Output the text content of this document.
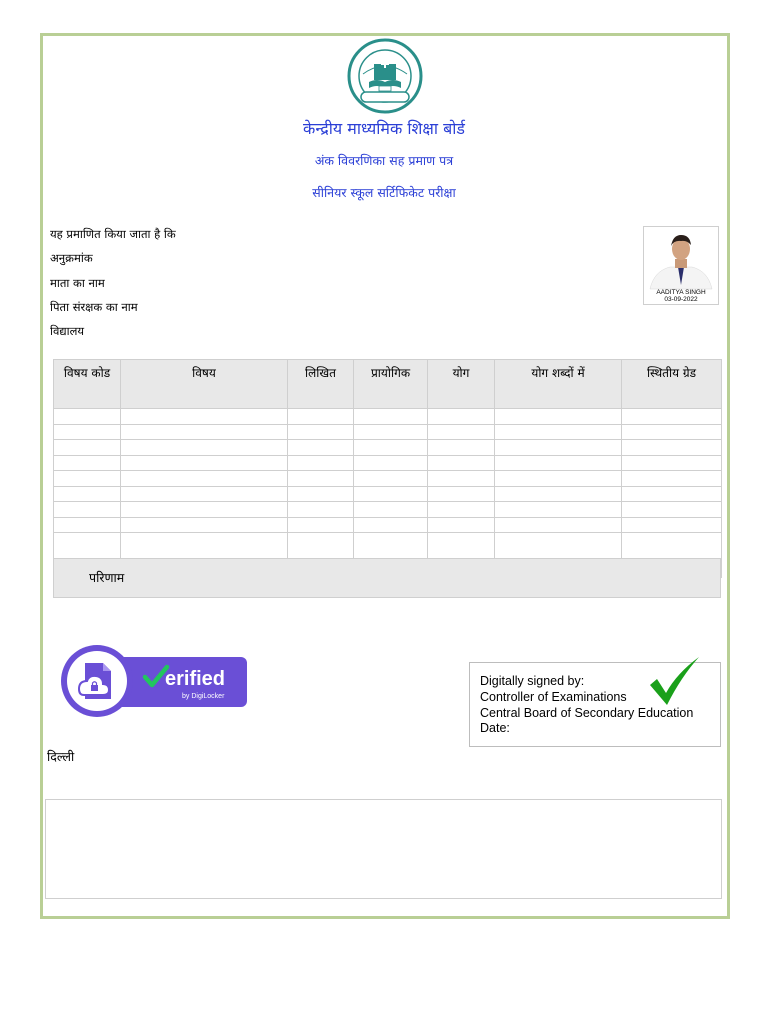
केन्द्रीय माध्यमिक शिक्षा बोर्ड
अंक विवरणिका सह प्रमाण पत्र
सीनियर स्कूल सर्टिफिकेट परीक्षा
यह प्रमाणित किया जाता है कि
अनुक्रमांक
माता का नाम
पिता संरक्षक का नाम
विद्यालय
AADITYA SINGH
03-09-2022
विषय कोड	विषय	लिखित	प्रायोगिक	योग	योग शब्दों में	स्थितीय ग्रेड

परिणाम
erified
by DigiLocker
Digitally signed by:
Controller of Examinations
Central Board of Secondary Education
Date:
दिल्ली
